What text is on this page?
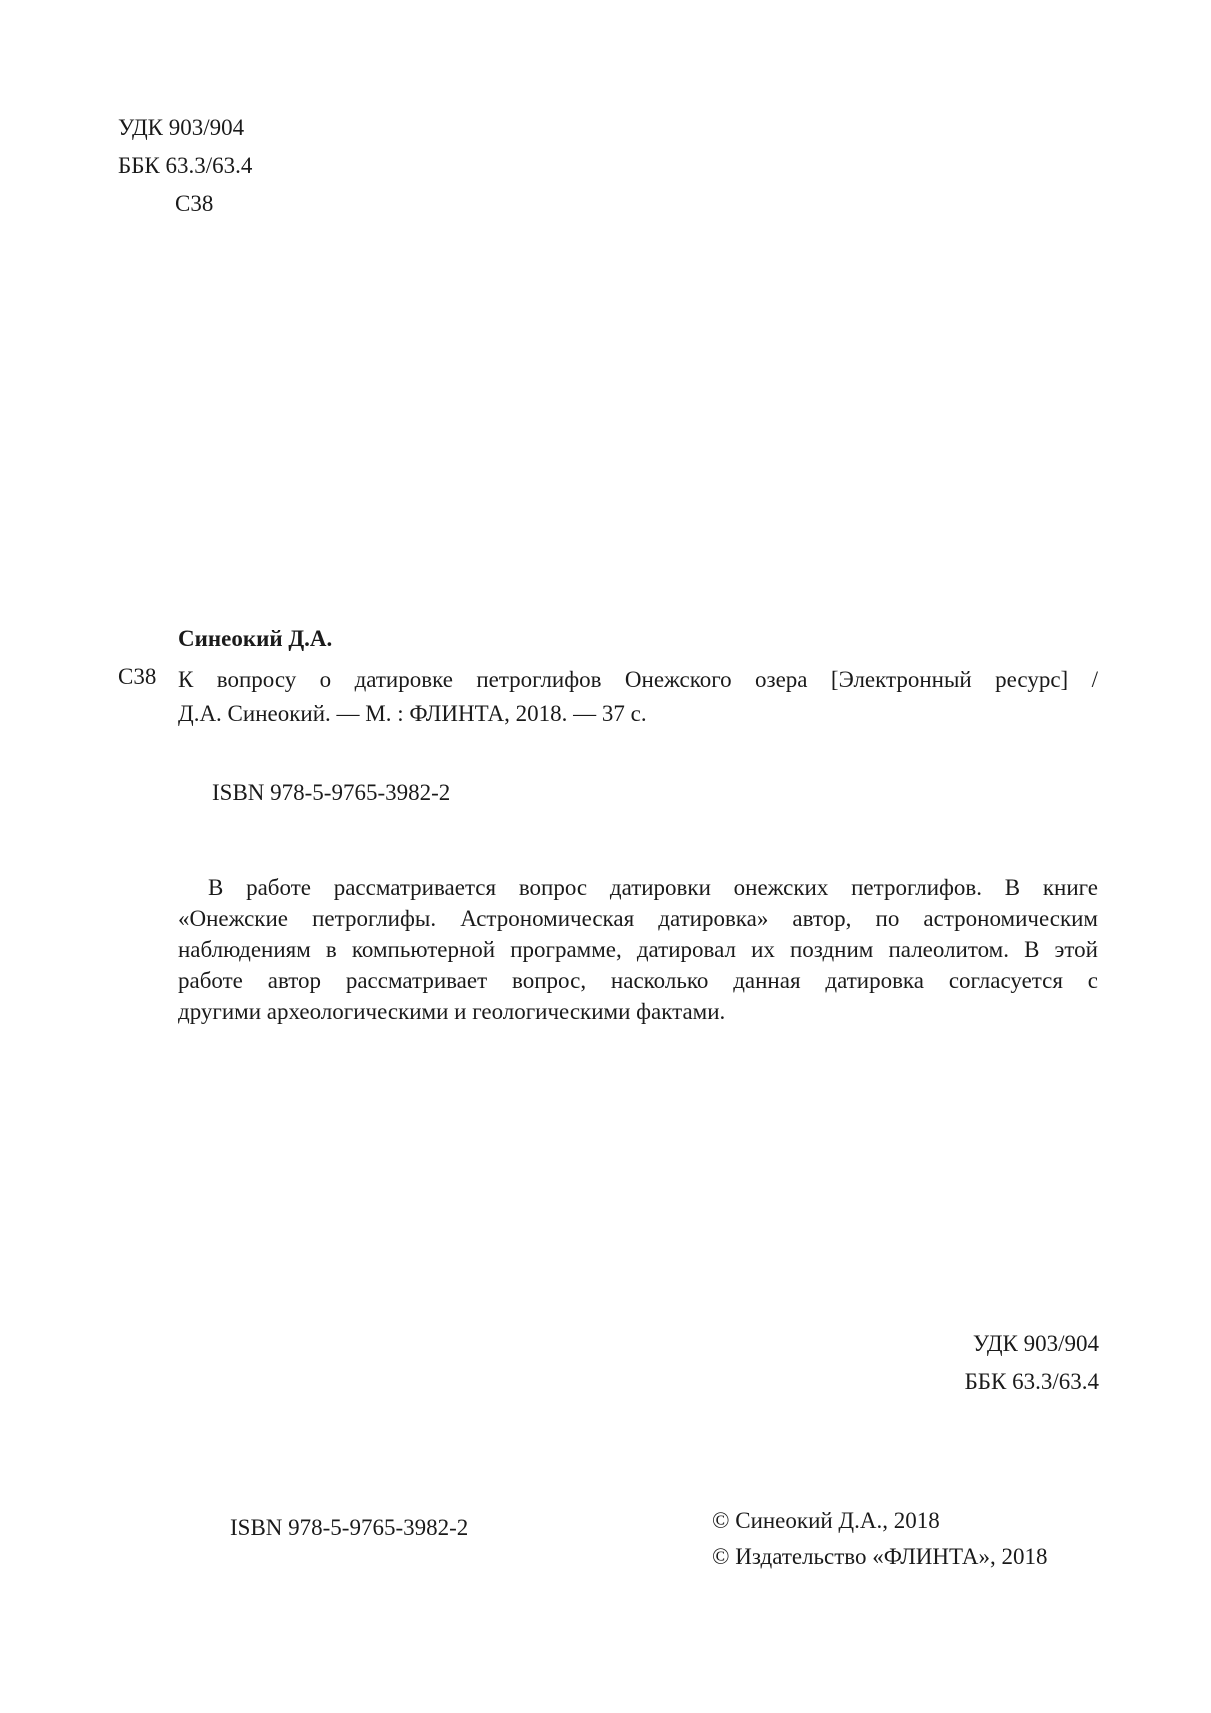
УДК 903/904
ББК 63.3/63.4
С38
Синеокий Д.А.
С38 К вопросу о датировке петроглифов Онежского озера [Электронный ресурс] /
Д.А. Синеокий. — М. : ФЛИНТА, 2018. — 37 с.
ISBN 978-5-9765-3982-2
В работе рассматривается вопрос датировки онежских петроглифов. В книге
«Онежские петроглифы. Астрономическая датировка» автор, по астрономическим
наблюдениям в компьютерной программе, датировал их поздним палеолитом. В этой
работе автор рассматривает вопрос, насколько данная датировка согласуется с
другими археологическими и геологическими фактами.
УДК 903/904
ББК 63.3/63.4
ISBN 978-5-9765-3982-2	© Синеокий Д.А., 2018
© Издательство «ФЛИНТА», 2018
